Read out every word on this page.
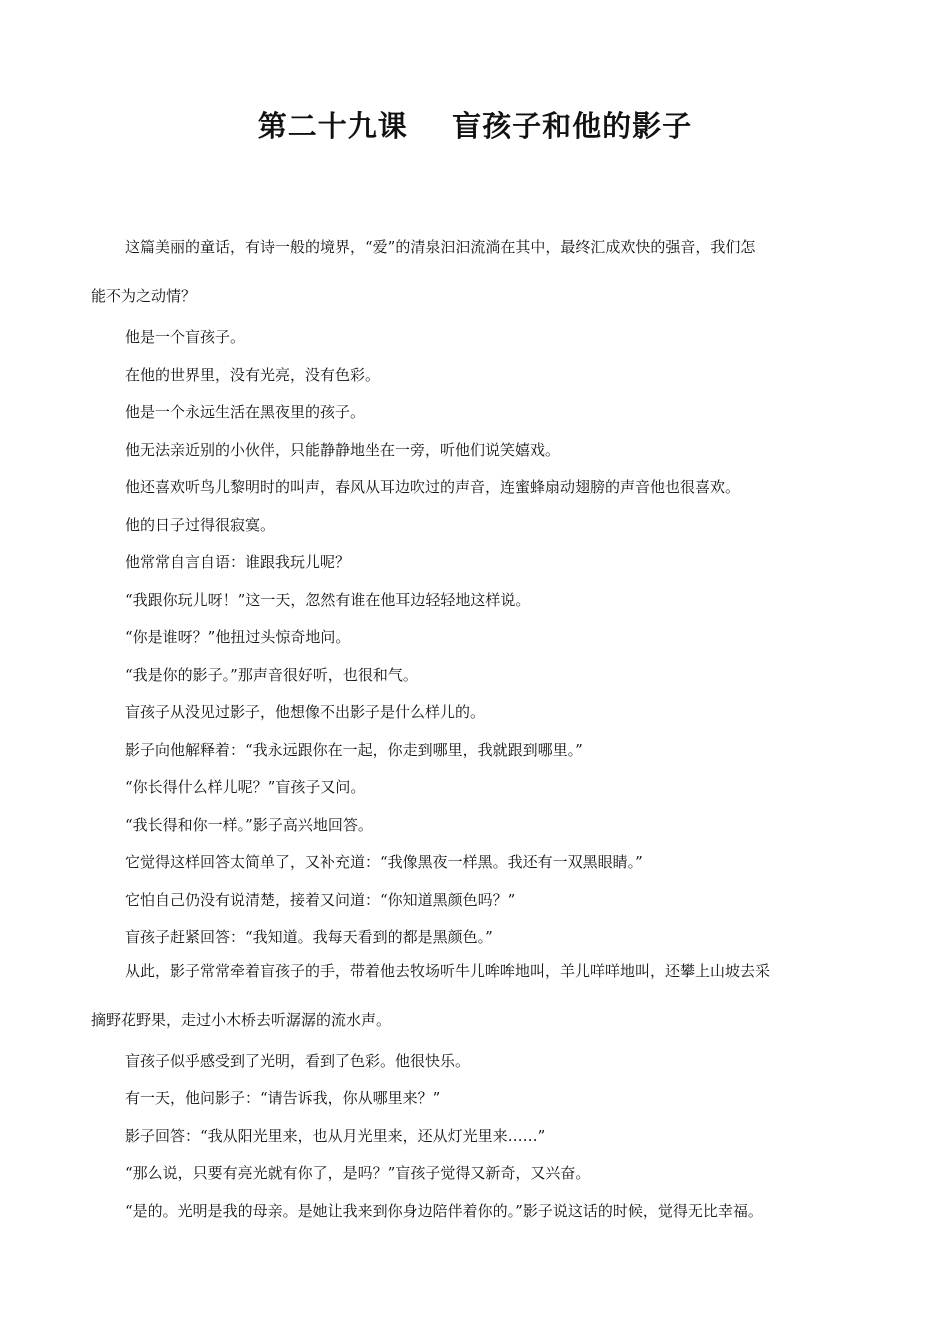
第二十九课    盲孩子和他的影子

这篇美丽的童话，有诗一般的境界，“爱”的清泉汩汩流淌在其中，最终汇成欢快的强音，我们怎
能不为之动情？

他是一个盲孩子。

在他的世界里，没有光亮，没有色彩。

他是一个永远生活在黑夜里的孩子。

他无法亲近别的小伙伴，只能静静地坐在一旁，听他们说笑嬉戏。

他还喜欢听鸟儿黎明时的叫声，春风从耳边吹过的声音，连蜜蜂扇动翅膀的声音他也很喜欢。

他的日子过得很寂寞。

他常常自言自语：谁跟我玩儿呢？

“我跟你玩儿呀！”这一天，忽然有谁在他耳边轻轻地这样说。

“你是谁呀？”他扭过头惊奇地问。

“我是你的影子。”那声音很好听，也很和气。

盲孩子从没见过影子，他想像不出影子是什么样儿的。

影子向他解释着：“我永远跟你在一起，你走到哪里，我就跟到哪里。”

“你长得什么样儿呢？”盲孩子又问。

“我长得和你一样。”影子高兴地回答。

它觉得这样回答太简单了，又补充道：“我像黑夜一样黑。我还有一双黑眼睛。”

它怕自己仍没有说清楚，接着又问道：“你知道黑颜色吗？”

盲孩子赶紧回答：“我知道。我每天看到的都是黑颜色。”

从此，影子常常牵着盲孩子的手，带着他去牧场听牛儿哞哞地叫，羊儿咩咩地叫，还攀上山坡去采
摘野花野果，走过小木桥去听潺潺的流水声。

盲孩子似乎感受到了光明，看到了色彩。他很快乐。

有一天，他问影子：“请告诉我，你从哪里来？”

影子回答：“我从阳光里来，也从月光里来，还从灯光里来……”

“那么说，只要有亮光就有你了，是吗？”盲孩子觉得又新奇，又兴奋。

“是的。光明是我的母亲。是她让我来到你身边陪伴着你的。”影子说这话的时候，觉得无比幸福。
